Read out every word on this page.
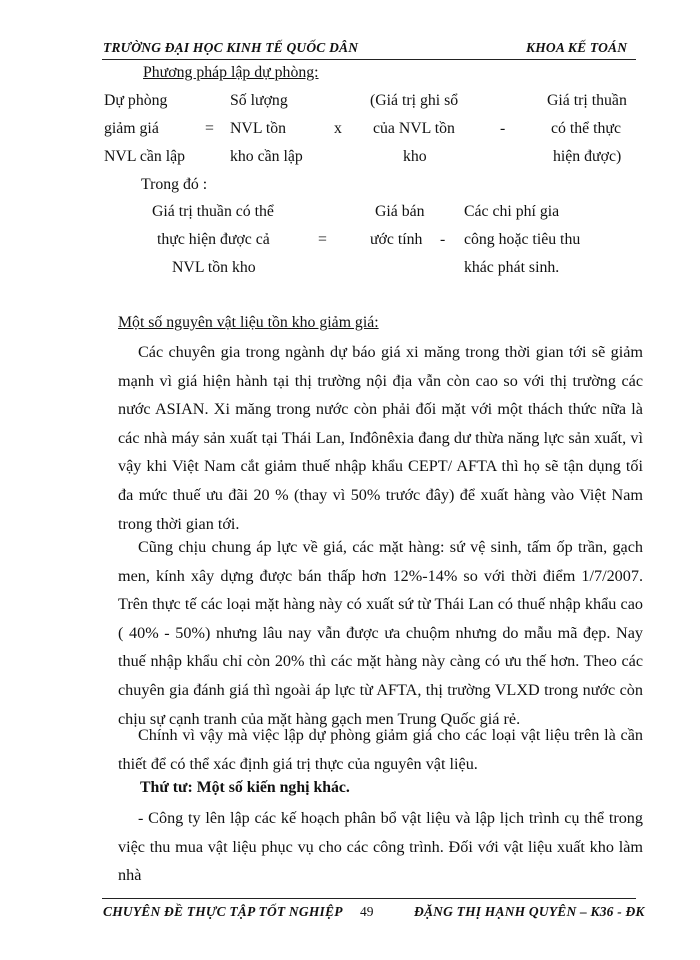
TRƯỜNG ĐẠI HỌC KINH TẾ QUỐC DÂN	KHOA KẾ TOÁN
Phương pháp lập dự phòng:
Dự phòng
giảm giá
NVL cần lập
=
Số lượng
NVL tồn
kho cần lập
x
(Giá trị ghi sổ
của NVL tồn
kho
-
Giá trị thuần
có thể thực
hiện được)
Trong đó :
Giá trị thuần có thể
thực hiện được cả
NVL tồn kho
=
Giá bán
ước tính -
Các chi phí gia
công hoặc tiêu thu
khác phát sinh.
Một số nguyên vật liệu tồn kho giảm giá:
Các chuyên gia trong ngành dự báo giá xi măng trong thời gian tới sẽ giảm mạnh vì giá hiện hành tại thị trường nội địa vẫn còn cao so với thị trường các nước ASIAN. Xi măng trong nước còn phải đối mặt với một thách thức nữa là các nhà máy sản xuất tại Thái Lan, Inđônêxia đang dư thừa năng lực sản xuất, vì vậy khi Việt Nam cắt giảm thuế nhập khẩu CEPT/ AFTA thì họ sẽ tận dụng tối đa mức thuế ưu đãi 20 % (thay vì 50% trước đây) để xuất hàng vào Việt Nam trong thời gian tới.
Cũng chịu chung áp lực về giá, các mặt hàng: sứ vệ sinh, tấm ốp trần, gạch men, kính xây dựng được bán thấp hơn 12%-14% so với thời điểm 1/7/2007. Trên thực tế các loại mặt hàng này có xuất sứ từ Thái Lan có thuế nhập khẩu cao ( 40% - 50%) nhưng lâu nay vẫn được ưa chuộm nhưng do mẫu mã đẹp. Nay thuế nhập khẩu chỉ còn 20% thì các mặt hàng này càng có ưu thế hơn. Theo các chuyên gia đánh giá thì ngoài áp lực từ AFTA, thị trường VLXD trong nước còn chịu sự cạnh tranh của mặt hàng gạch men Trung Quốc giá rẻ.
Chính vì vậy mà việc lập dự phòng giảm giá cho các loại vật liệu trên là cần thiết để có thể xác định giá trị thực của nguyên vật liệu.
Thứ tư: Một số kiến nghị khác.
- Công ty lên lập các kế hoạch phân bổ vật liệu và lập lịch trình cụ thể trong việc thu mua vật liệu phục vụ cho các công trình. Đối với vật liệu xuất kho làm nhà
CHUYÊN ĐỀ THỰC TẬP TỐT NGHIỆP 49	ĐẶNG THỊ HẠNH QUYÊN – K36 - ĐK
